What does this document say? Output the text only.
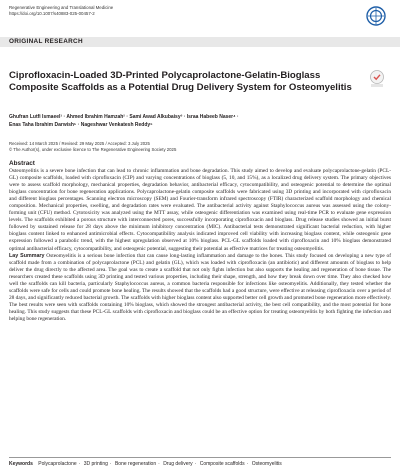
Regenerative Engineering and Translational Medicine
https://doi.org/10.1007/s40883-025-00457-2
ORIGINAL RESEARCH
Ciprofloxacin-Loaded 3D-Printed Polycaprolactone-Gelatin-Bioglass Composite Scaffolds as a Potential Drug Delivery System for Osteomyelitis
Ghufran Lutfi Ismaeel¹ · Ahmed Ibrahim Hamzah² · Sami Awad Alkubaisy³ · Israa Habeeb Naser⁴ ·
Enas Taha Ibrahim Darwish⁵ · Nageshwar Venkatesh Reddy⁶
Received: 14 March 2025 / Revised: 29 May 2025 / Accepted: 3 July 2025
© The Author(s), under exclusive licence to The Regenerative Engineering Society 2025
Abstract
Osteomyelitis is a severe bone infection that can lead to chronic inflammation and bone degradation. This study aimed to develop and evaluate polycaprolactone-gelatin (PCL-GL) composite scaffolds, loaded with ciprofloxacin (CIP) and varying concentrations of bioglass (5, 10, and 15%), as a localized drug delivery system. The primary objectives were to assess scaffold morphology, mechanical properties, degradation behavior, antibacterial efficacy, cytocompatibility, and osteogenic potential to determine the optimal bioglass concentration for bone regeneration applications. Polycaprolactone-gelatin composite scaffolds were fabricated using 3D printing and incorporated with ciprofloxacin and different bioglass percentages. Scanning electron microscopy (SEM) and Fourier-transform infrared spectroscopy (FTIR) characterized scaffold morphology and chemical composition. Mechanical properties, swelling, and degradation rates were evaluated. The antibacterial activity against Staphylococcus aureus was assessed using the colony-forming unit (CFU) method. Cytotoxicity was analyzed using the MTT assay, while osteogenic differentiation was examined using real-time PCR to evaluate gene expression levels. The scaffolds exhibited a porous structure with interconnected pores, successfully incorporating ciprofloxacin and bioglass. Drug release studies showed an initial burst followed by sustained release for 28 days above the minimum inhibitory concentration (MIC). Antibacterial tests demonstrated significant bacterial reduction, with higher bioglass content linked to enhanced antimicrobial effects. Cytocompatibility analysis indicated improved cell viability with increasing bioglass content, while osteogenic gene expression followed a parabolic trend, with the highest upregulation observed at 10% bioglass. PCL-GL scaffolds loaded with ciprofloxacin and 10% bioglass demonstrated optimal antibacterial efficacy, cytocompatibility, and osteogenic potential, suggesting their potential as effective matrices for treating osteomyelitis.
Lay Summary Osteomyelitis is a serious bone infection that can cause long-lasting inflammation and damage to the bones. This study focused on developing a new type of scaffold made from a combination of polycaprolactone (PCL) and gelatin (GL), which was loaded with ciprofloxacin (an antibiotic) and different amounts of bioglass to help deliver the drug directly to the affected area. The goal was to create a scaffold that not only fights infection but also supports the healing and regeneration of bone tissue. The researchers created these scaffolds using 3D printing and tested various properties, including their shape, strength, and how they break down over time. They also checked how well the scaffolds can kill bacteria, particularly Staphylococcus aureus, a common bacteria responsible for infections like osteomyelitis. Additionally, they tested whether the scaffolds were safe for cells and could promote bone healing. The results showed that the scaffolds had a good structure, were effective at releasing ciprofloxacin over a period of 28 days, and significantly reduced bacterial growth. The scaffolds with higher bioglass content also supported better cell growth and promoted bone regeneration more effectively. The best results were seen with scaffolds containing 10% bioglass, which showed the strongest antibacterial activity, the best cell compatibility, and the most potential for bone healing. This study suggests that these PCL-GL scaffolds with ciprofloxacin and bioglass could be an effective option for treating osteomyelitis by both fighting the infection and helping bone regeneration.
Keywords Polycaprolactone · 3D printing · Bone regeneration · Drug delivery · Composite scaffolds · Osteomyelitis
